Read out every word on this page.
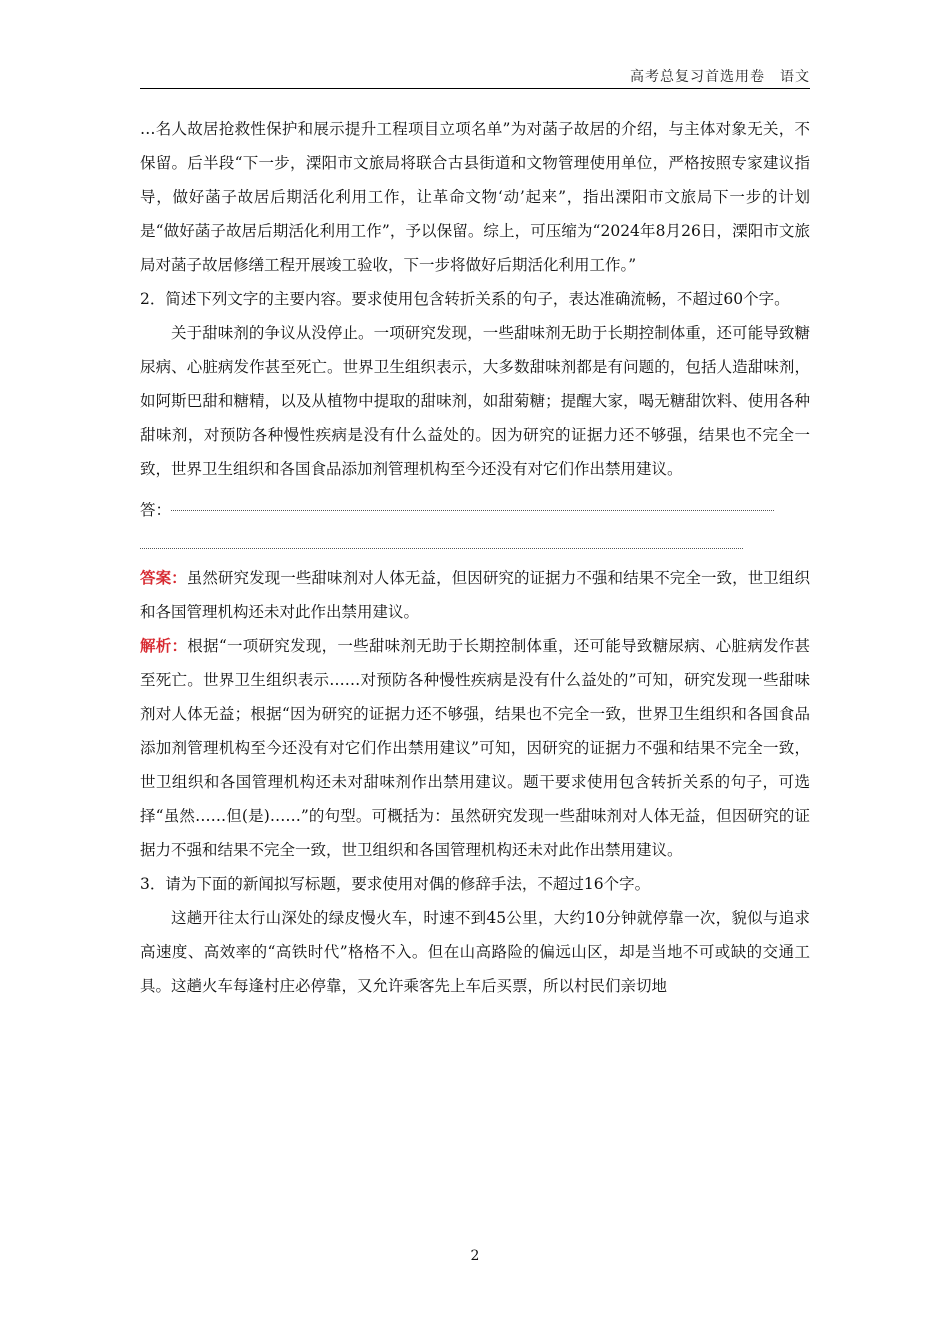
高考总复习首选用卷　语文

…名人故居抢救性保护和展示提升工程项目立项名单”为对菡子故居的介绍，与主体对象无关，不保留。后半段“下一步，溧阳市文旅局将联合古县街道和文物管理使用单位，严格按照专家建议指导，做好菡子故居后期活化利用工作，让革命文物‘动’起来”，指出溧阳市文旅局下一步的计划是“做好菡子故居后期活化利用工作”，予以保留。综上，可压缩为“2024年8月26日，溧阳市文旅局对菡子故居修缮工程开展竣工验收，下一步将做好后期活化利用工作。”

2．简述下列文字的主要内容。要求使用包含转折关系的句子，表达准确流畅，不超过60个字。

关于甜味剂的争议从没停止。一项研究发现，一些甜味剂无助于长期控制体重，还可能导致糖尿病、心脏病发作甚至死亡。世界卫生组织表示，大多数甜味剂都是有问题的，包括人造甜味剂，如阿斯巴甜和糖精，以及从植物中提取的甜味剂，如甜菊糖；提醒大家，喝无糖甜饮料、使用各种甜味剂，对预防各种慢性疾病是没有什么益处的。因为研究的证据力还不够强，结果也不完全一致，世界卫生组织和各国食品添加剂管理机构至今还没有对它们作出禁用建议。

答：

答案：虽然研究发现一些甜味剂对人体无益，但因研究的证据力不强和结果不完全一致，世卫组织和各国管理机构还未对此作出禁用建议。

解析：根据“一项研究发现，一些甜味剂无助于长期控制体重，还可能导致糖尿病、心脏病发作甚至死亡。世界卫生组织表示……对预防各种慢性疾病是没有什么益处的”可知，研究发现一些甜味剂对人体无益；根据“因为研究的证据力还不够强，结果也不完全一致，世界卫生组织和各国食品添加剂管理机构至今还没有对它们作出禁用建议”可知，因研究的证据力不强和结果不完全一致，世卫组织和各国管理机构还未对甜味剂作出禁用建议。题干要求使用包含转折关系的句子，可选择“虽然……但(是)……”的句型。可概括为：虽然研究发现一些甜味剂对人体无益，但因研究的证据力不强和结果不完全一致，世卫组织和各国管理机构还未对此作出禁用建议。

3．请为下面的新闻拟写标题，要求使用对偶的修辞手法，不超过16个字。

这趟开往太行山深处的绿皮慢火车，时速不到45公里，大约10分钟就停靠一次，貌似与追求高速度、高效率的“高铁时代”格格不入。但在山高路险的偏远山区，却是当地不可或缺的交通工具。这趟火车每逢村庄必停靠，又允许乘客先上车后买票，所以村民们亲切地

2
